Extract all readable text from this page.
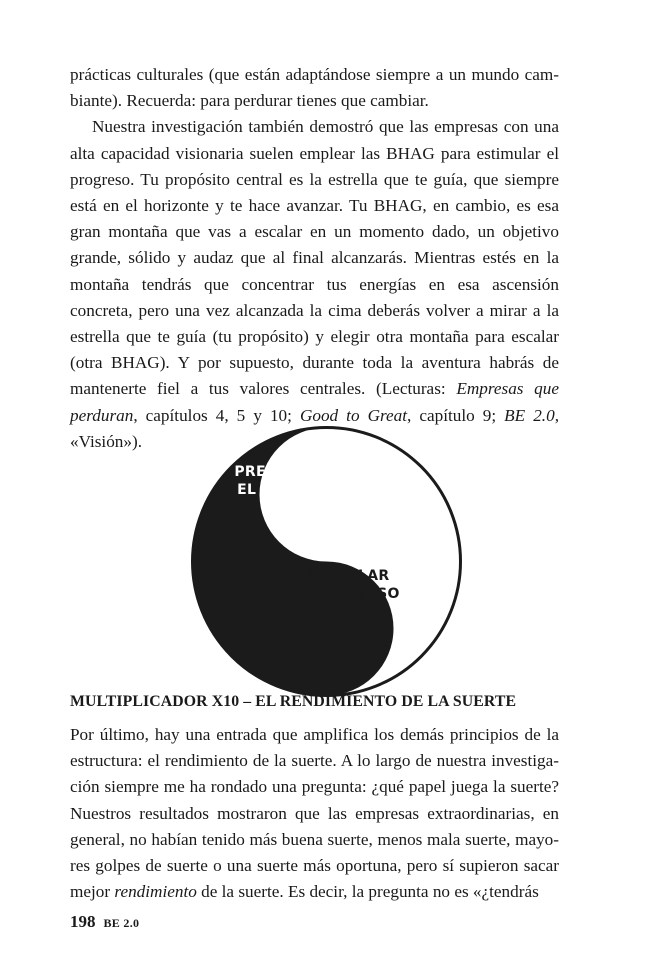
prácticas culturales (que están adaptándose siempre a un mundo cambiante). Recuerda: para perdurar tienes que cambiar.

Nuestra investigación también demostró que las empresas con una alta capacidad visionaria suelen emplear las BHAG para estimular el progreso. Tu propósito central es la estrella que te guía, que siempre está en el horizonte y te hace avanzar. Tu BHAG, en cambio, es esa gran montaña que vas a escalar en un momento dado, un objetivo grande, sólido y audaz que al final alcanzarás. Mientras estés en la montaña tendrás que concentrar tus energías en esa ascensión concreta, pero una vez alcanzada la cima deberás volver a mirar a la estrella que te guía (tu propósito) y elegir otra montaña para escalar (otra BHAG). Y por supuesto, durante toda la aventura habrás de mantenerte fiel a tus valores centrales. (Lecturas: Empresas que perduran, capítulos 4, 5 y 10; Good to Great, capítulo 9; BE 2.0, «Visión»).

PRESERVAR
EL NÚCLEO
ESTIMULAR
EL PROGRESO
MULTIPLICADOR X10 – EL RENDIMIENTO DE LA SUERTE

Por último, hay una entrada que amplifica los demás principios de la estructura: el rendimiento de la suerte. A lo largo de nuestra investigación siempre me ha rondado una pregunta: ¿qué papel juega la suerte? Nuestros resultados mostraron que las empresas extraordinarias, en general, no habían tenido más buena suerte, menos mala suerte, mayores golpes de suerte o una suerte más oportuna, pero sí supieron sacar mejor rendimiento de la suerte. Es decir, la pregunta no es «¿tendrás

198 BE 2.0
